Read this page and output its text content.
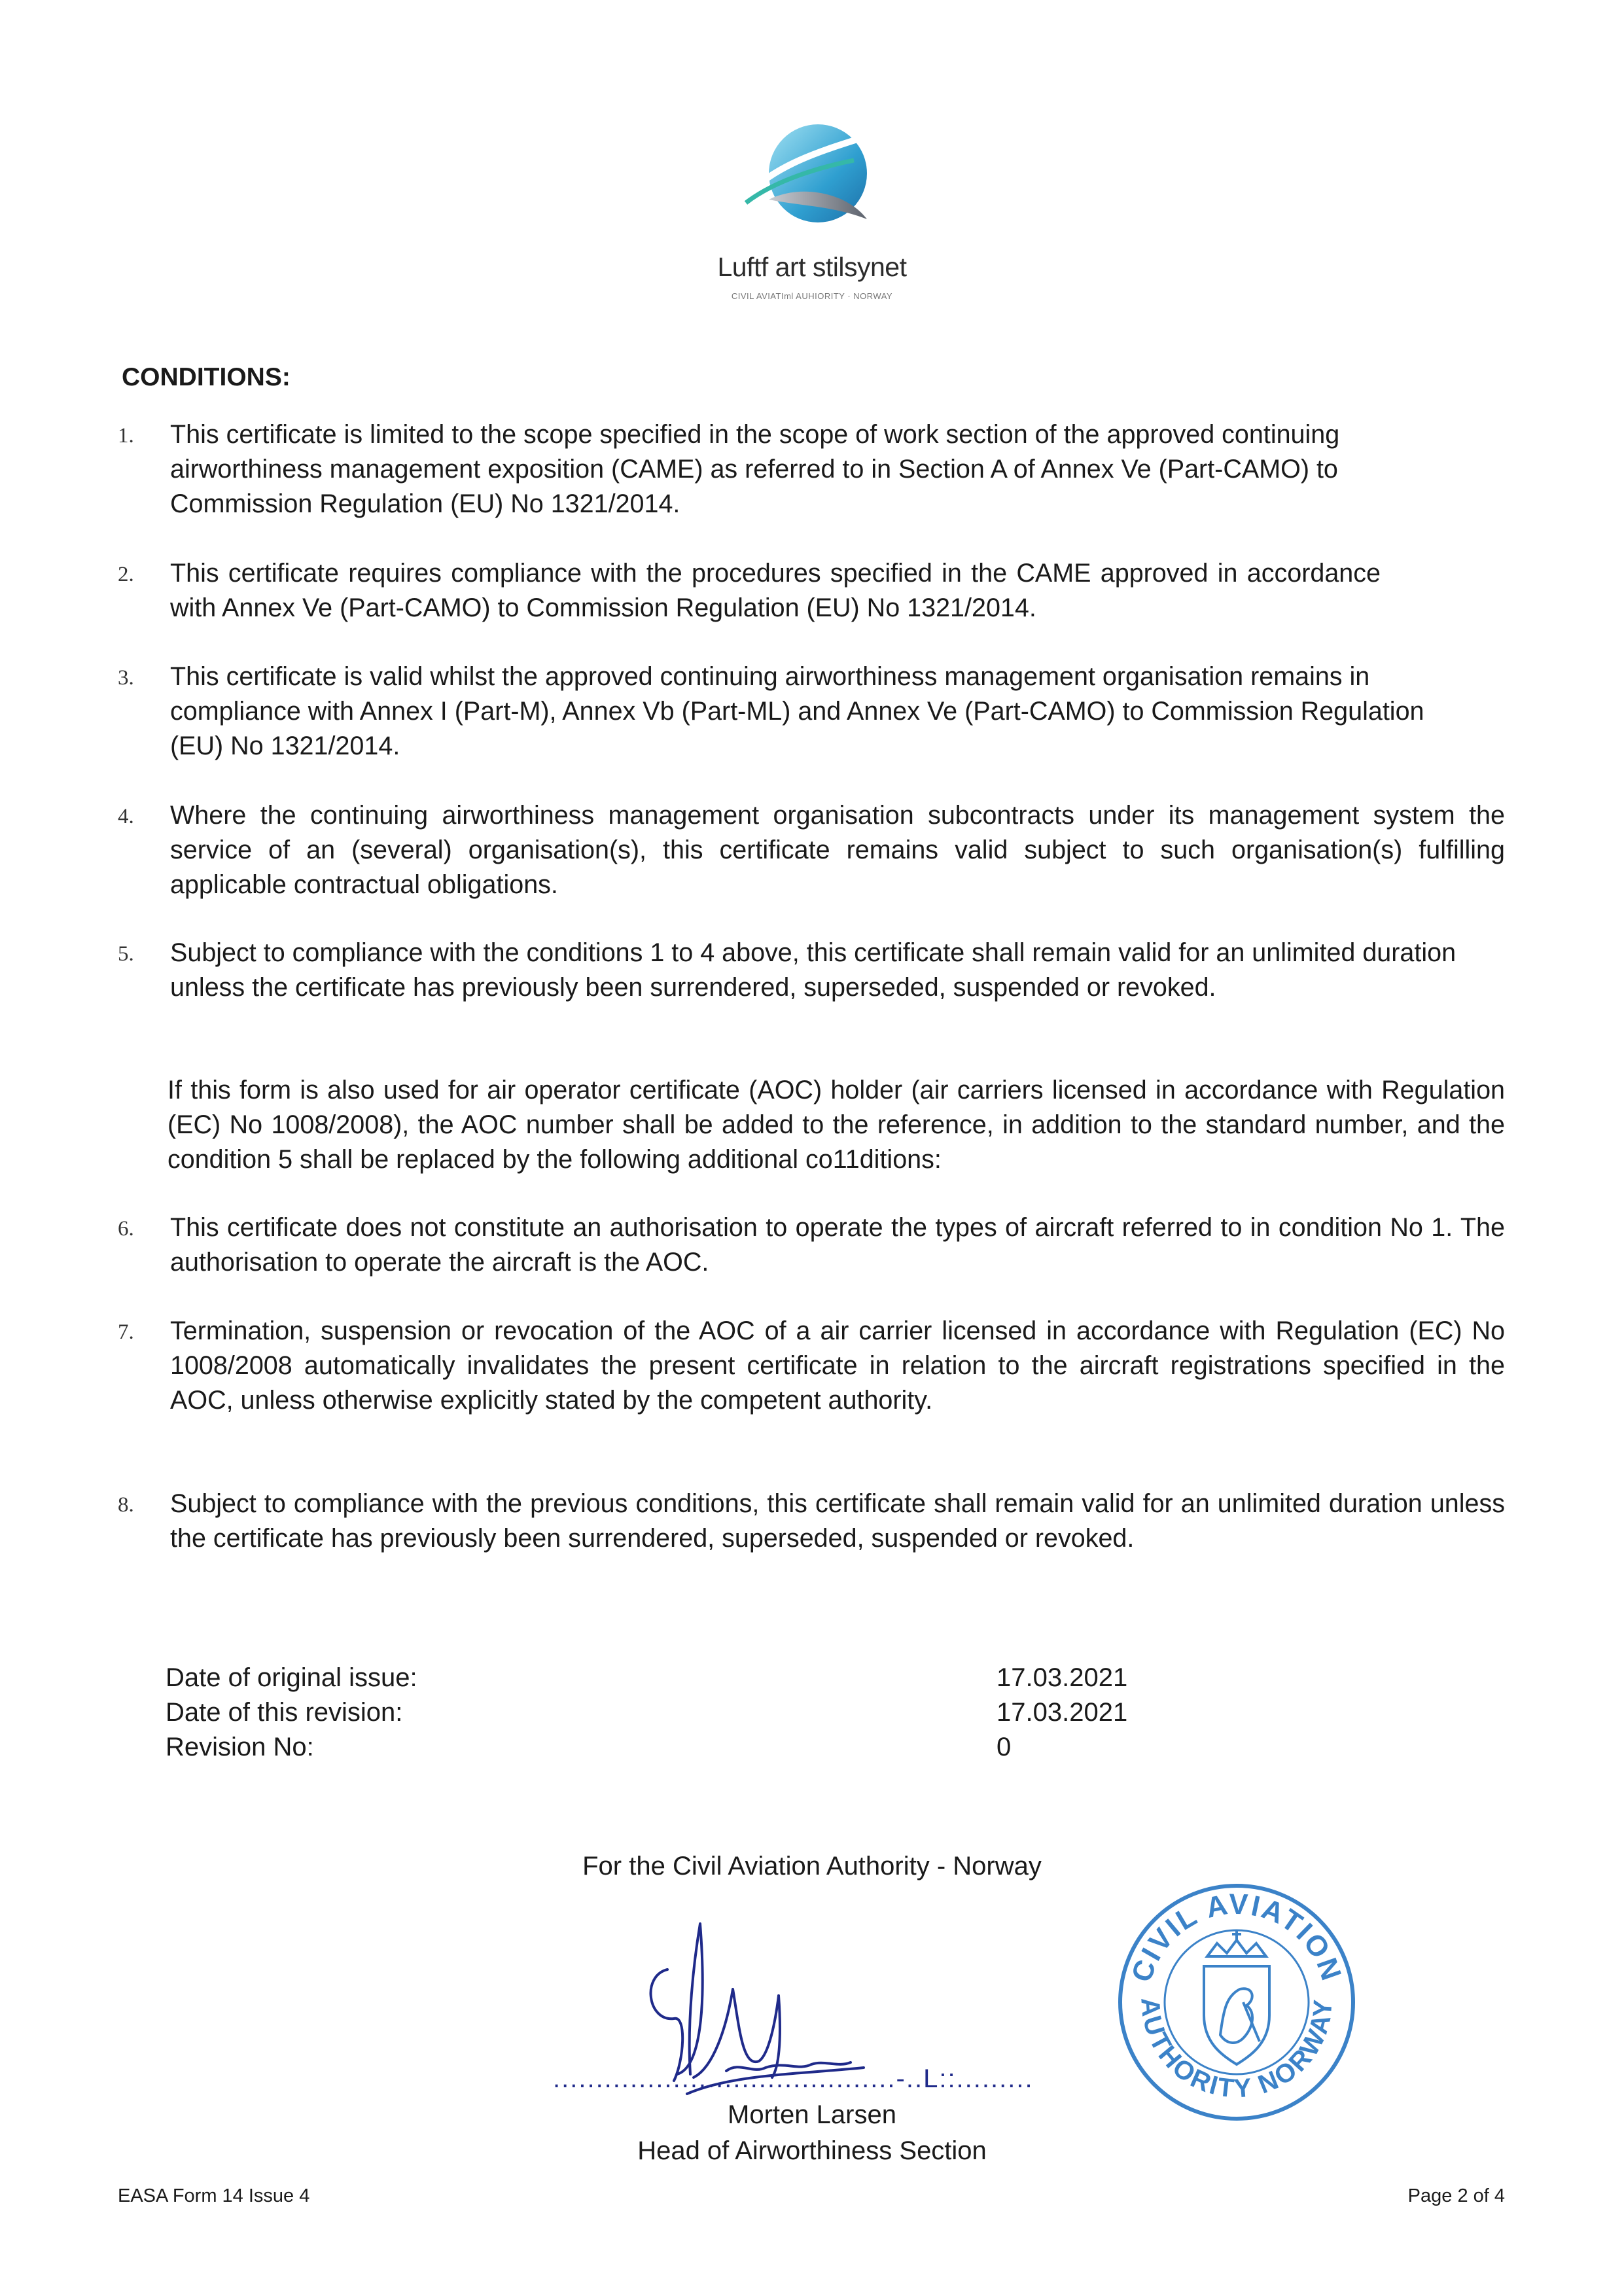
Luftf art stilsynet
CIVIL AVIATIml AUHIORITY · NORWAY
CONDITIONS:
1.	This certificate is limited to the scope specified in the scope of work section of the approved continuing airworthiness management exposition (CAME) as referred to in Section A of Annex Ve (Part-CAMO) to Commission Regulation (EU) No 1321/2014.
2.	This certificate requires compliance with the procedures specified in the CAME approved in accordance with Annex Ve (Part-CAMO) to Commission Regulation (EU) No 1321/2014.
3.	This certificate is valid whilst the approved continuing airworthiness management organisation remains in compliance with Annex I (Part-M), Annex Vb (Part-ML) and Annex Ve (Part-CAMO) to Commission Regulation (EU) No 1321/2014.
4.	Where the continuing airworthiness management organisation subcontracts under its management system the service of an (several) organisation(s), this certificate remains valid subject to such organisation(s) fulfilling applicable contractual obligations.
5.	Subject to compliance with the conditions 1 to 4 above, this certificate shall remain valid for an unlimited duration unless the certificate has previously been surrendered, superseded, suspended or revoked.
6.	This certificate does not constitute an authorisation to operate the types of aircraft referred to in condition No 1. The authorisation to operate the aircraft is the AOC.
7.	Termination, suspension or revocation of the AOC of a air carrier licensed in accordance with Regulation (EC) No 1008/2008 automatically invalidates the present certificate in relation to the aircraft registrations specified in the AOC, unless otherwise explicitly stated by the competent authority.
8.	Subject to compliance with the previous conditions, this certificate shall remain valid for an unlimited duration unless the certificate has previously been surrendered, superseded, suspended or revoked.
If this form is also used for air operator certificate (AOC) holder (air carriers licensed in accordance with Regulation (EC) No 1008/2008), the AOC number shall be added to the reference, in addition to the standard number, and the condition 5 shall be replaced by the following additional co11ditions:
Date of original issue:	17.03.2021
Date of this revision:	17.03.2021
Revision No:	0
For the Civil Aviation Authority - Norway
CIVIL AVIATION
AUTHORITY NORWAY
........................................-..L::.........
Morten Larsen
Head of Airworthiness Section
EASA Form 14 Issue 4	Page 2 of 4
